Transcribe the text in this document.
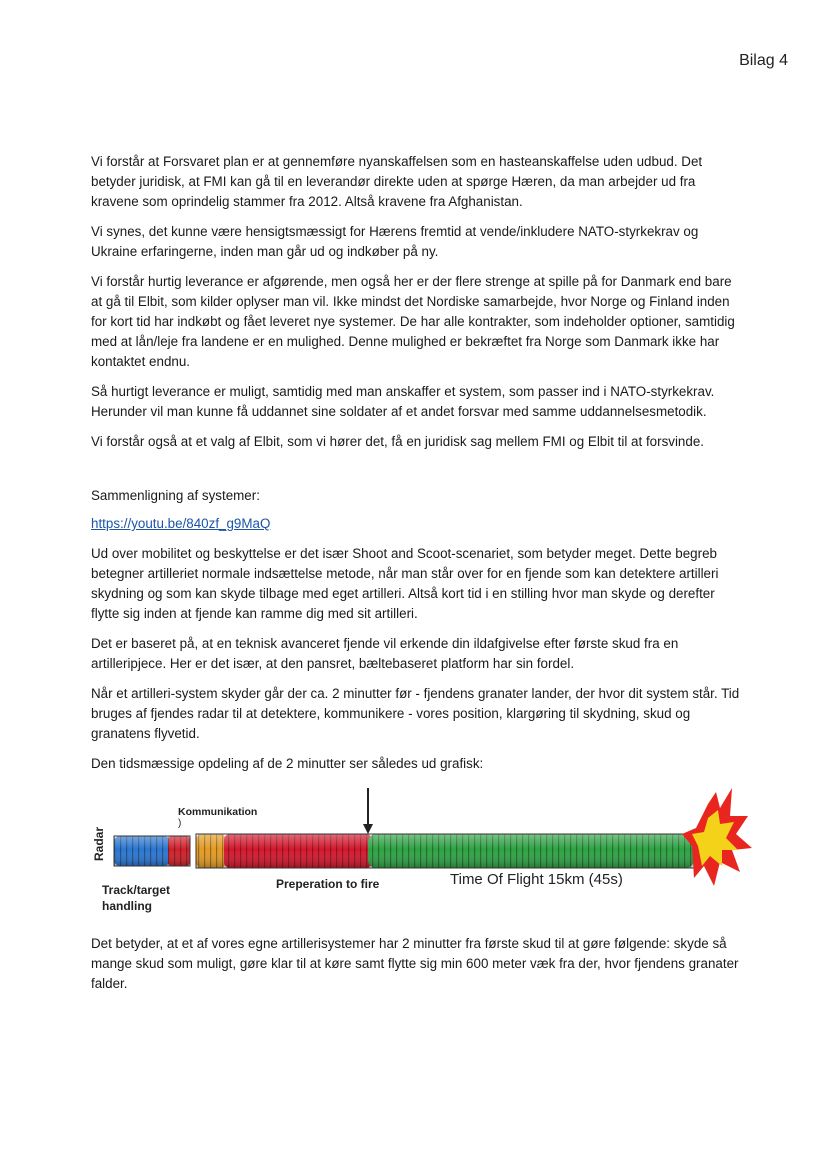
Bilag 4

Vi forstår at Forsvaret plan er at gennemføre nyanskaffelsen som en hasteanskaffelse uden udbud. Det betyder juridisk, at FMI kan gå til en leverandør direkte uden at spørge Hæren, da man arbejder ud fra kravene som oprindelig stammer fra 2012. Altså kravene fra Afghanistan.

Vi synes, det kunne være hensigtsmæssigt for Hærens fremtid at vende/inkludere NATO-styrkekrav og Ukraine erfaringerne, inden man går ud og indkøber på ny.

Vi forstår hurtig leverance er afgørende, men også her er der flere strenge at spille på for Danmark end bare at gå til Elbit, som kilder oplyser man vil. Ikke mindst det Nordiske samarbejde, hvor Norge og Finland inden for kort tid har indkøbt og fået leveret nye systemer. De har alle kontrakter, som indeholder optioner, samtidig med at lån/leje fra landene er en mulighed. Denne mulighed er bekræftet fra Norge som Danmark ikke har kontaktet endnu.

Så hurtigt leverance er muligt, samtidig med man anskaffer et system, som passer ind i NATO-styrkekrav. Herunder vil man kunne få uddannet sine soldater af et andet forsvar med samme uddannelsesmetodik.

Vi forstår også at et valg af Elbit, som vi hører det, få en juridisk sag mellem FMI og Elbit til at forsvinde.

Sammenligning af systemer:

https://youtu.be/840zf_g9MaQ

Ud over mobilitet og beskyttelse er det især Shoot and Scoot-scenariet, som betyder meget. Dette begreb betegner artilleriet normale indsættelse metode, når man står over for en fjende som kan detektere artilleri skydning og som kan skyde tilbage med eget artilleri. Altså kort tid i en stilling hvor man skyde og derefter flytte sig inden at fjende kan ramme dig med sit artilleri.

Det er baseret på, at en teknisk avanceret fjende vil erkende din ildafgivelse efter første skud fra en artilleripjece. Her er det især, at den pansret, bæltebaseret platform har sin fordel.

Når et artilleri-system skyder går der ca. 2 minutter før - fjendens granater lander, der hvor dit system står. Tid bruges af fjendes radar til at detektere, kommunikere - vores position, klargøring til skydning, skud og granatens flyvetid.

Den tidsmæssige opdeling af de 2 minutter ser således ud grafisk:

Kommunikation
)
Radar
Track/target handling
Preperation to fire	Time Of Flight 15km (45s)

Det betyder, at et af vores egne artillerisystemer har 2 minutter fra første skud til at gøre følgende: skyde så mange skud som muligt, gøre klar til at køre samt flytte sig min 600 meter væk fra der, hvor fjendens granater falder.
